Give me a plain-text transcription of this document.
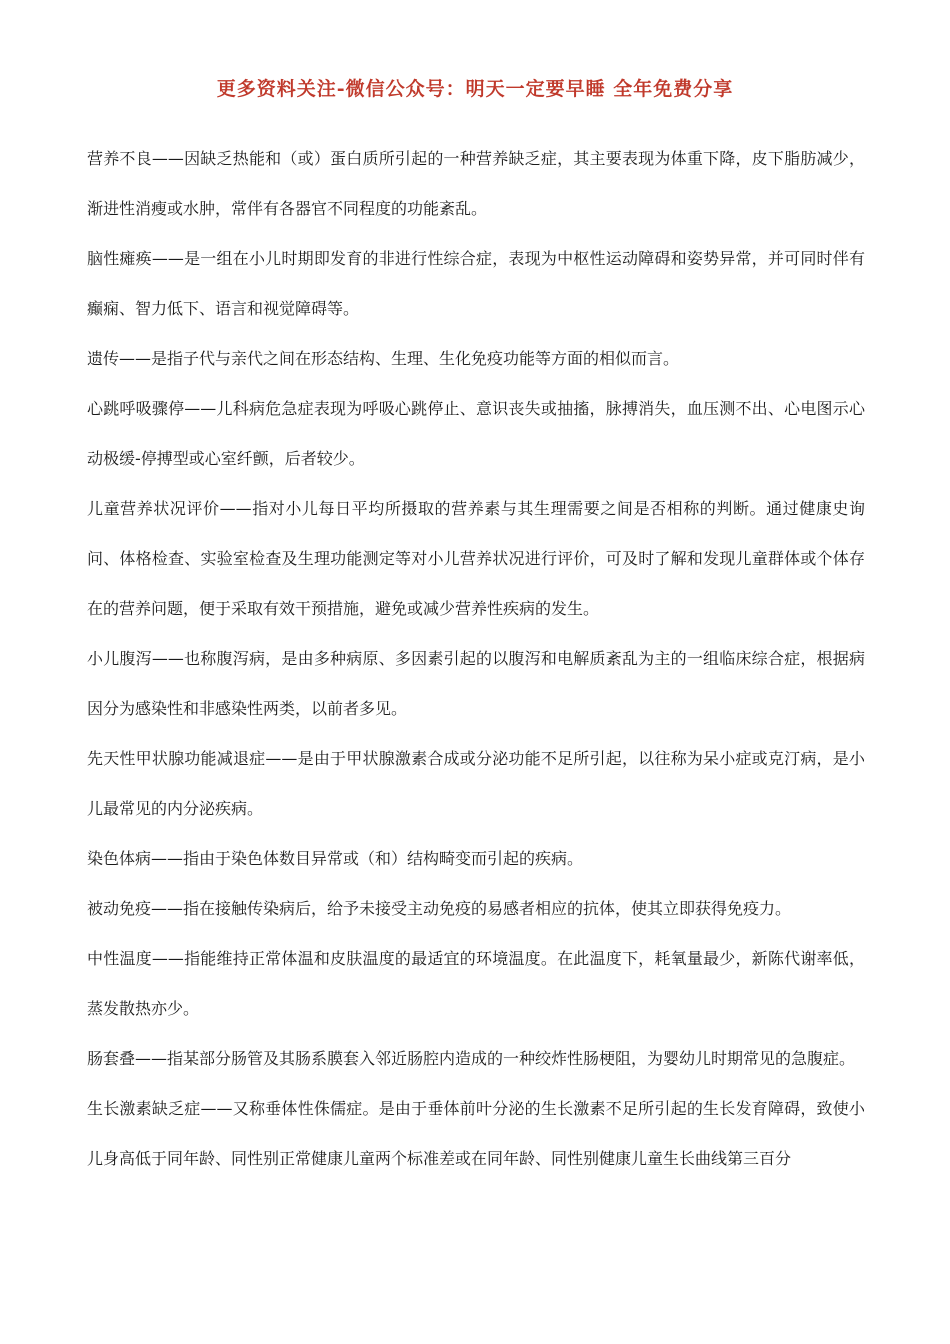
更多资料关注-微信公众号：明天一定要早睡 全年免费分享

营养不良——因缺乏热能和（或）蛋白质所引起的一种营养缺乏症，其主要表现为体重下降，皮下脂肪减少，渐进性消瘦或水肿，常伴有各器官不同程度的功能紊乱。

脑性瘫痪——是一组在小儿时期即发育的非进行性综合症，表现为中枢性运动障碍和姿势异常，并可同时伴有癫痫、智力低下、语言和视觉障碍等。

遗传——是指子代与亲代之间在形态结构、生理、生化免疫功能等方面的相似而言。

心跳呼吸骤停——儿科病危急症表现为呼吸心跳停止、意识丧失或抽搐，脉搏消失，血压测不出、心电图示心动极缓-停搏型或心室纤颤，后者较少。

儿童营养状况评价——指对小儿每日平均所摄取的营养素与其生理需要之间是否相称的判断。通过健康史询问、体格检查、实验室检查及生理功能测定等对小儿营养状况进行评价，可及时了解和发现儿童群体或个体存在的营养问题，便于采取有效干预措施，避免或减少营养性疾病的发生。

小儿腹泻——也称腹泻病，是由多种病原、多因素引起的以腹泻和电解质紊乱为主的一组临床综合症，根据病因分为感染性和非感染性两类，以前者多见。

先天性甲状腺功能减退症——是由于甲状腺激素合成或分泌功能不足所引起，以往称为呆小症或克汀病，是小儿最常见的内分泌疾病。

染色体病——指由于染色体数目异常或（和）结构畸变而引起的疾病。

被动免疫——指在接触传染病后，给予未接受主动免疫的易感者相应的抗体，使其立即获得免疫力。

中性温度——指能维持正常体温和皮肤温度的最适宜的环境温度。在此温度下，耗氧量最少，新陈代谢率低，蒸发散热亦少。

肠套叠——指某部分肠管及其肠系膜套入邻近肠腔内造成的一种绞炸性肠梗阻，为婴幼儿时期常见的急腹症。

生长激素缺乏症——又称垂体性侏儒症。是由于垂体前叶分泌的生长激素不足所引起的生长发育障碍，致使小儿身高低于同年龄、同性别正常健康儿童两个标准差或在同年龄、同性别健康儿童生长曲线第三百分
